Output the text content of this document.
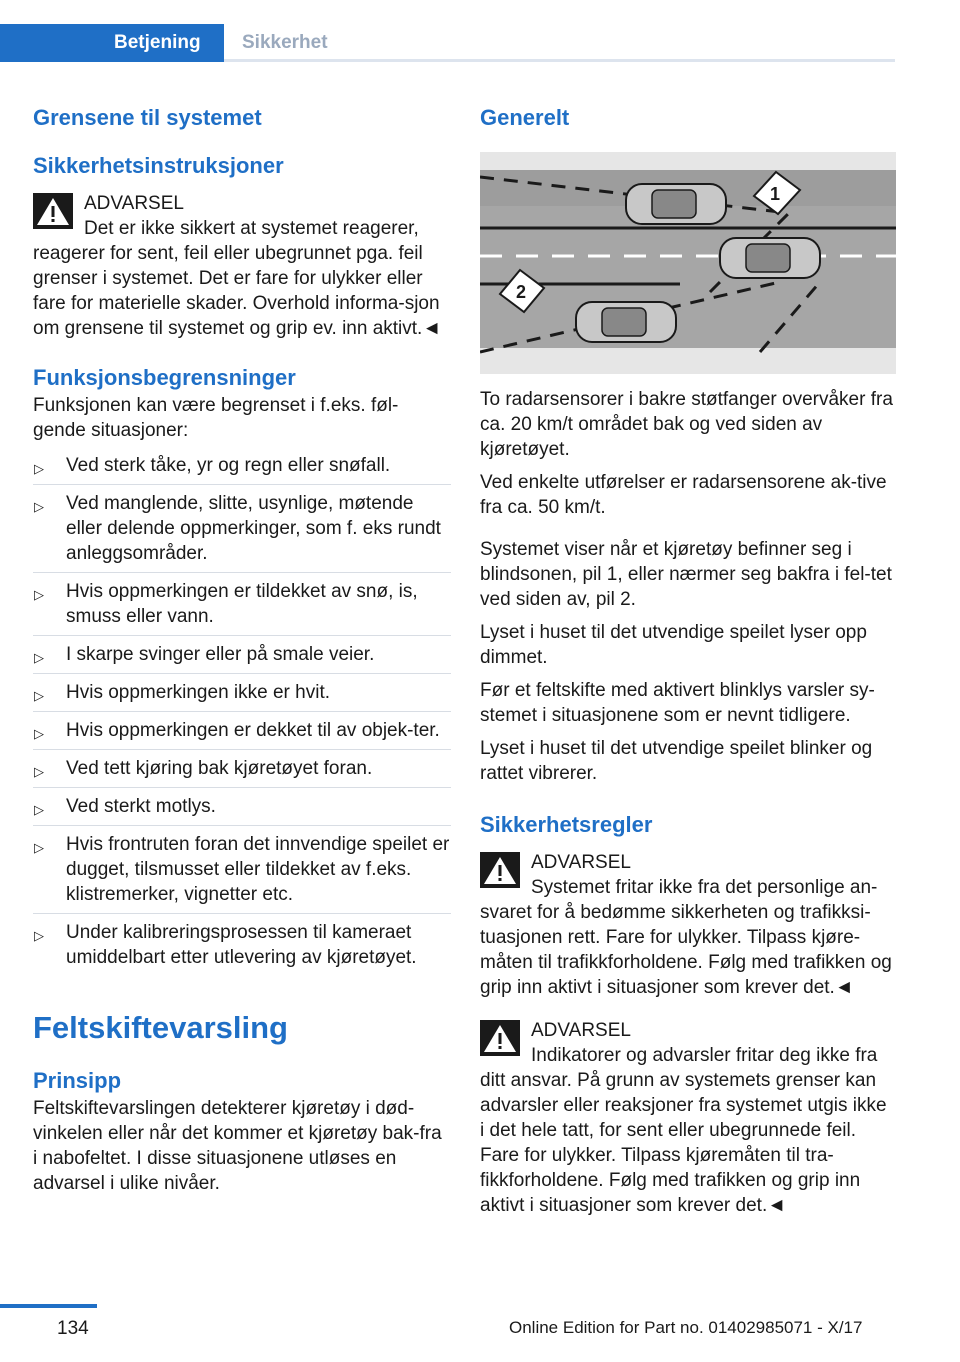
Betjening	Sikkerhet
Grensene til systemet
Sikkerhetsinstruksjoner
ADVARSEL

Det er ikke sikkert at systemet reagerer, reagerer for sent, feil eller ubegrunnet pga. feil grenser i systemet. Det er fare for ulykker eller fare for materielle skader. Overhold informa-sjon om grensene til systemet og grip ev. inn aktivt.◄

Funksjonsbegrensninger

Funksjonen kan være begrenset i f.eks. føl-gende situasjoner:

▷ Ved sterk tåke, yr og regn eller snøfall.
▷ Ved manglende, slitte, usynlige, møtende eller delende oppmerkinger, som f. eks rundt anleggsområder.
▷ Hvis oppmerkingen er tildekket av snø, is, smuss eller vann.
▷ I skarpe svinger eller på smale veier.
▷ Hvis oppmerkingen ikke er hvit.
▷ Hvis oppmerkingen er dekket til av objek-ter.
▷ Ved tett kjøring bak kjøretøyet foran.
▷ Ved sterkt motlys.
▷ Hvis frontruten foran det innvendige speilet er dugget, tilsmusset eller tildekket av f.eks. klistremerker, vignetter etc.
▷ Under kalibreringsprosessen til kameraet umiddelbart etter utlevering av kjøretøyet.
Feltskiftevarsling
Prinsipp

Feltskiftevarslingen detekterer kjøretøy i død-vinkelen eller når det kommer et kjøretøy bak-fra i nabofeltet. I disse situasjonene utløses en advarsel i ulike nivåer.

Generelt
1
2

To radarsensorer i bakre støtfanger overvåker fra ca. 20 km/t området bak og ved siden av kjøretøyet.

Ved enkelte utførelser er radarsensorene ak-tive fra ca. 50 km/t.

Systemet viser når et kjøretøy befinner seg i blindsonen, pil 1, eller nærmer seg bakfra i fel-tet ved siden av, pil 2.

Lyset i huset til det utvendige speilet lyser opp dimmet.

Før et feltskifte med aktivert blinklys varsler sy-stemet i situasjonene som er nevnt tidligere.

Lyset i huset til det utvendige speilet blinker og rattet vibrerer.

Sikkerhetsregler
ADVARSEL

Systemet fritar ikke fra det personlige an-svaret for å bedømme sikkerheten og trafikksi-tuasjonen rett. Fare for ulykker. Tilpass kjøre-måten til trafikkforholdene. Følg med trafikken og grip inn aktivt i situasjoner som krever det.◄

ADVARSEL

Indikatorer og advarsler fritar deg ikke fra ditt ansvar. På grunn av systemets grenser kan advarsler eller reaksjoner fra systemet utgis ikke i det hele tatt, for sent eller ubegrunnede feil. Fare for ulykker. Tilpass kjøremåten til tra-fikkforholdene. Følg med trafikken og grip inn aktivt i situasjoner som krever det.◄

134	Online Edition for Part no. 01402985071 - X/17
